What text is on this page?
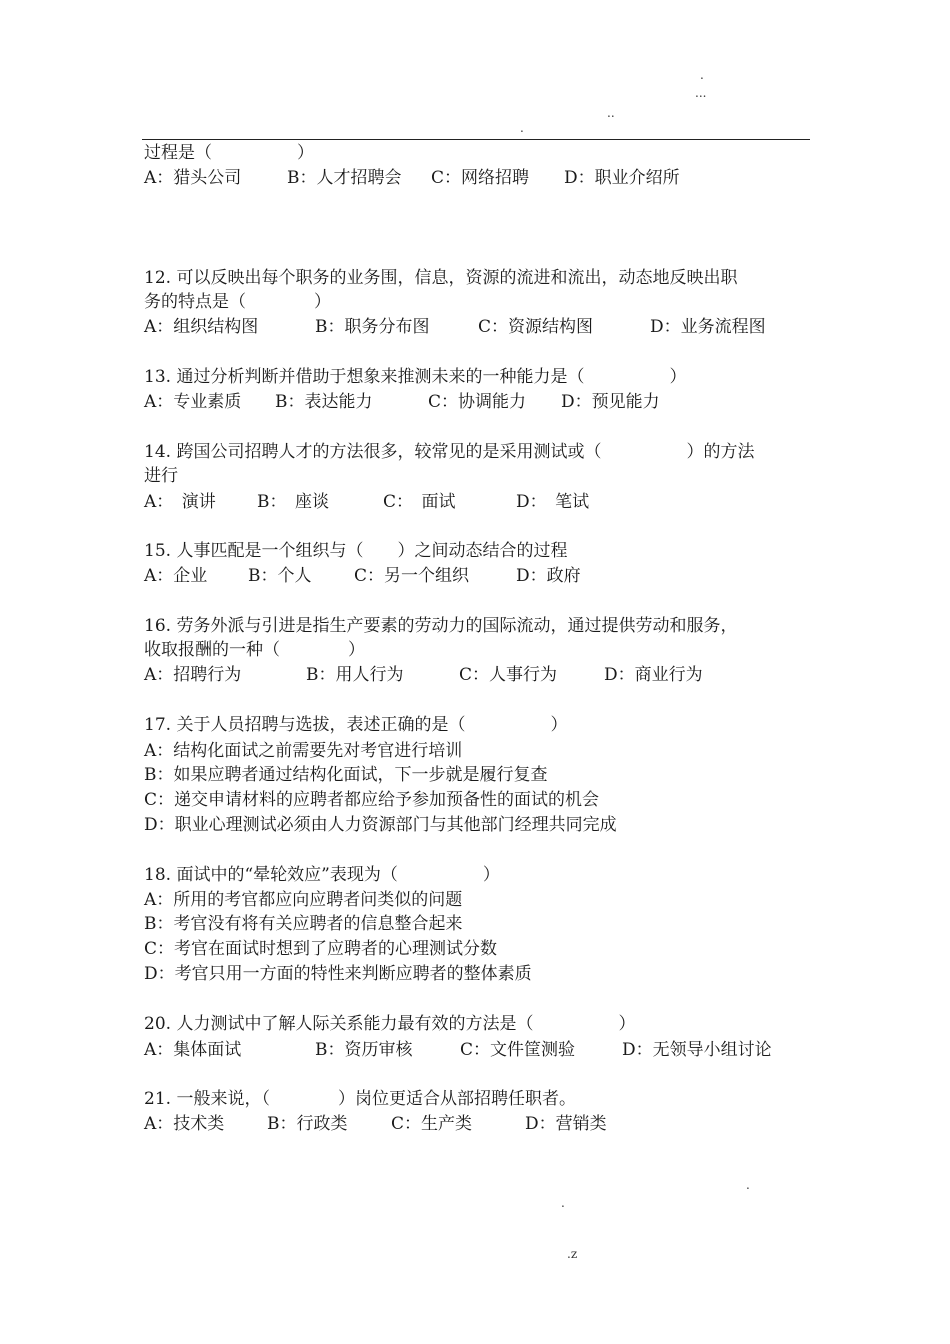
.
...
..
.
过程是（　　　　　）
A：猎头公司	B：人才招聘会	C：网络招聘	D：职业介绍所
12. 可以反映出每个职务的业务围，信息，资源的流进和流出，动态地反映出职
务的特点是（　　　　）
A：组织结构图	B：职务分布图	C：资源结构图	D：业务流程图
13. 通过分析判断并借助于想象来推测未来的一种能力是（　　　　　）
A：专业素质	B：表达能力	C：协调能力	D：预见能力
14. 跨国公司招聘人才的方法很多，较常见的是采用测试或（　　　　　）的方法
进行
A：　演讲	B：　座谈	C：　面试	D：　笔试
15. 人事匹配是一个组织与（　　）之间动态结合的过程
A：企业	B：个人	C：另一个组织	D：政府
16. 劳务外派与引进是指生产要素的劳动力的国际流动，通过提供劳动和服务，
收取报酬的一种（　　　　）
A：招聘行为	B：用人行为	C：人事行为	D：商业行为
17. 关于人员招聘与选拔，表述正确的是（　　　　　）
A：结构化面试之前需要先对考官进行培训
B：如果应聘者通过结构化面试，下一步就是履行复查
C：递交申请材料的应聘者都应给予参加预备性的面试的机会
D：职业心理测试必须由人力资源部门与其他部门经理共同完成
18. 面试中的“晕轮效应”表现为（　　　　　）
A：所用的考官都应向应聘者问类似的问题
B：考官没有将有关应聘者的信息整合起来
C：考官在面试时想到了应聘者的心理测试分数
D：考官只用一方面的特性来判断应聘者的整体素质
20. 人力测试中了解人际关系能力最有效的方法是（　　　　　）
A：集体面试	B：资历审核	C：文件筐测验	D：无领导小组讨论
21. 一般来说，（　　　　）岗位更适合从部招聘任职者。
A：技术类	B：行政类	C：生产类	D：营销类
.
.
.z
